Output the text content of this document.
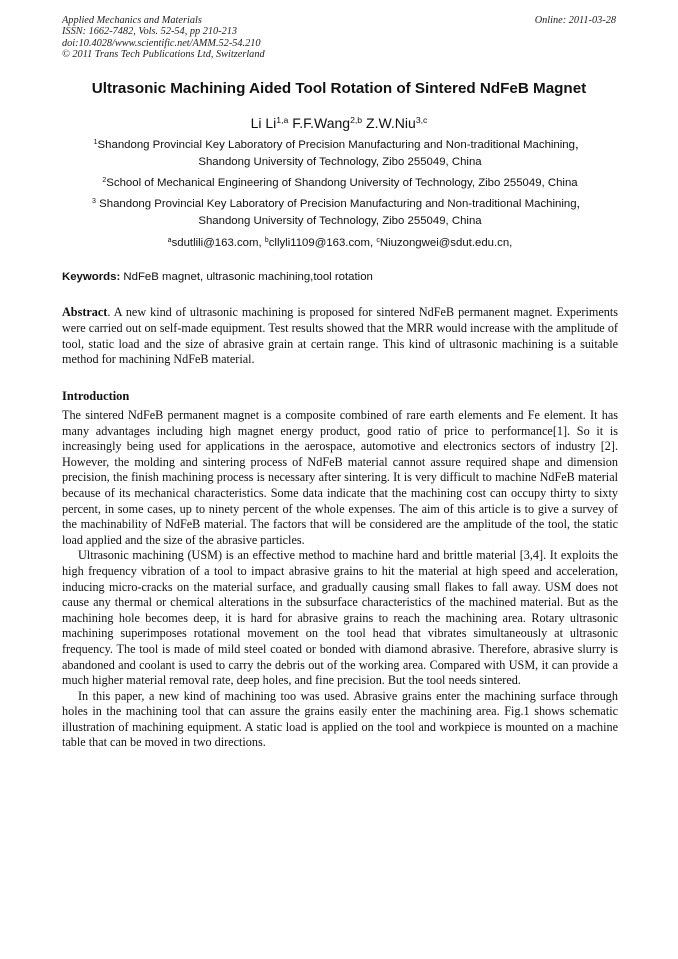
Applied Mechanics and Materials
ISSN: 1662-7482, Vols. 52-54, pp 210-213
doi:10.4028/www.scientific.net/AMM.52-54.210
© 2011 Trans Tech Publications Ltd, Switzerland
Online: 2011-03-28
Ultrasonic Machining Aided Tool Rotation of Sintered NdFeB Magnet
Li Li$^{1,a}$ F.F.Wang$^{2,b}$ Z.W.Niu$^{3,c}$
$^1$Shandong Provincial Key Laboratory of Precision Manufacturing and Non-traditional Machining，
Shandong University of Technology, Zibo 255049, China
$^2$School of Mechanical Engineering of Shandong University of Technology, Zibo 255049, China
$^3$ Shandong Provincial Key Laboratory of Precision Manufacturing and Non-traditional Machining，
Shandong University of Technology, Zibo 255049, China
$^a$sdutlili@163.com, $^b$cllyli1109@163.com, $^c$Niuzongwei@sdut.edu.cn,
Keywords: NdFeB magnet, ultrasonic machining,tool rotation
Abstract. A new kind of ultrasonic machining is proposed for sintered NdFeB permanent magnet. Experiments were carried out on self-made equipment. Test results showed that the MRR would increase with the amplitude of tool, static load and the size of abrasive grain at certain range. This kind of ultrasonic machining is a suitable method for machining NdFeB material.
Introduction

The sintered NdFeB permanent magnet is a composite combined of rare earth elements and Fe element. It has many advantages including high magnet energy product, good ratio of price to performance[1]. So it is increasingly being used for applications in the aerospace, automotive and electronics sectors of industry [2]. However, the molding and sintering process of NdFeB material cannot assure required shape and dimension precision, the finish machining process is necessary after sintering. It is very difficult to machine NdFeB material because of its mechanical characteristics. Some data indicate that the machining cost can occupy thirty to sixty percent, in some cases, up to ninety percent of the whole expenses. The aim of this article is to give a survey of the machinability of NdFeB material. The factors that will be considered are the amplitude of the tool, the static load applied and the size of the abrasive particles.

Ultrasonic machining (USM) is an effective method to machine hard and brittle material [3,4]. It exploits the high frequency vibration of a tool to impact abrasive grains to hit the material at high speed and acceleration, inducing micro-cracks on the material surface, and gradually causing small flakes to fall away. USM does not cause any thermal or chemical alterations in the subsurface characteristics of the machined material. But as the machining hole becomes deep, it is hard for abrasive grains to reach the machining area. Rotary ultrasonic machining superimposes rotational movement on the tool head that vibrates simultaneously at ultrasonic frequency. The tool is made of mild steel coated or bonded with diamond abrasive. Therefore, abrasive slurry is abandoned and coolant is used to carry the debris out of the working area. Compared with USM, it can provide a much higher material removal rate, deep holes, and fine precision. But the tool needs sintered.

In this paper, a new kind of machining too was used. Abrasive grains enter the machining surface through holes in the machining tool that can assure the grains easily enter the machining area. Fig.1 shows schematic illustration of machining equipment. A static load is applied on the tool and workpiece is mounted on a machine table that can be moved in two directions.
